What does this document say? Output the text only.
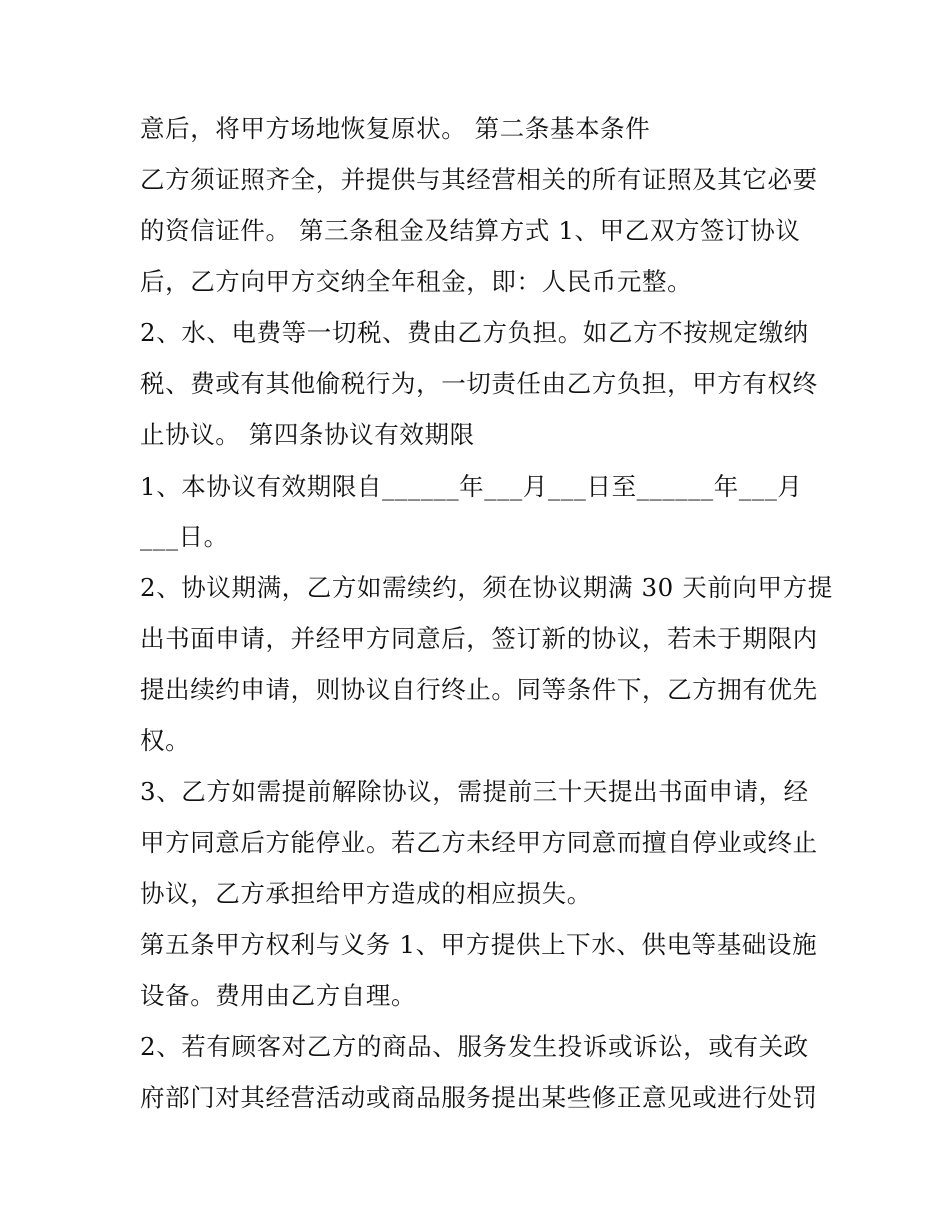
意后，将甲方场地恢复原状。 第二条基本条件
乙方须证照齐全，并提供与其经营相关的所有证照及其它必要
的资信证件。 第三条租金及结算方式 1、甲乙双方签订协议
后，乙方向甲方交纳全年租金，即：人民币元整。
2、水、电费等一切税、费由乙方负担。如乙方不按规定缴纳
税、费或有其他偷税行为，一切责任由乙方负担，甲方有权终
止协议。 第四条协议有效期限
1、本协议有效期限自______年___月___日至______年___月
___日。
2、协议期满，乙方如需续约，须在协议期满 30 天前向甲方提
出书面申请，并经甲方同意后，签订新的协议，若未于期限内
提出续约申请，则协议自行终止。同等条件下，乙方拥有优先
权。
3、乙方如需提前解除协议，需提前三十天提出书面申请，经
甲方同意后方能停业。若乙方未经甲方同意而擅自停业或终止
协议，乙方承担给甲方造成的相应损失。
第五条甲方权利与义务 1、甲方提供上下水、供电等基础设施
设备。费用由乙方自理。
2、若有顾客对乙方的商品、服务发生投诉或诉讼，或有关政
府部门对其经营活动或商品服务提出某些修正意见或进行处罚
